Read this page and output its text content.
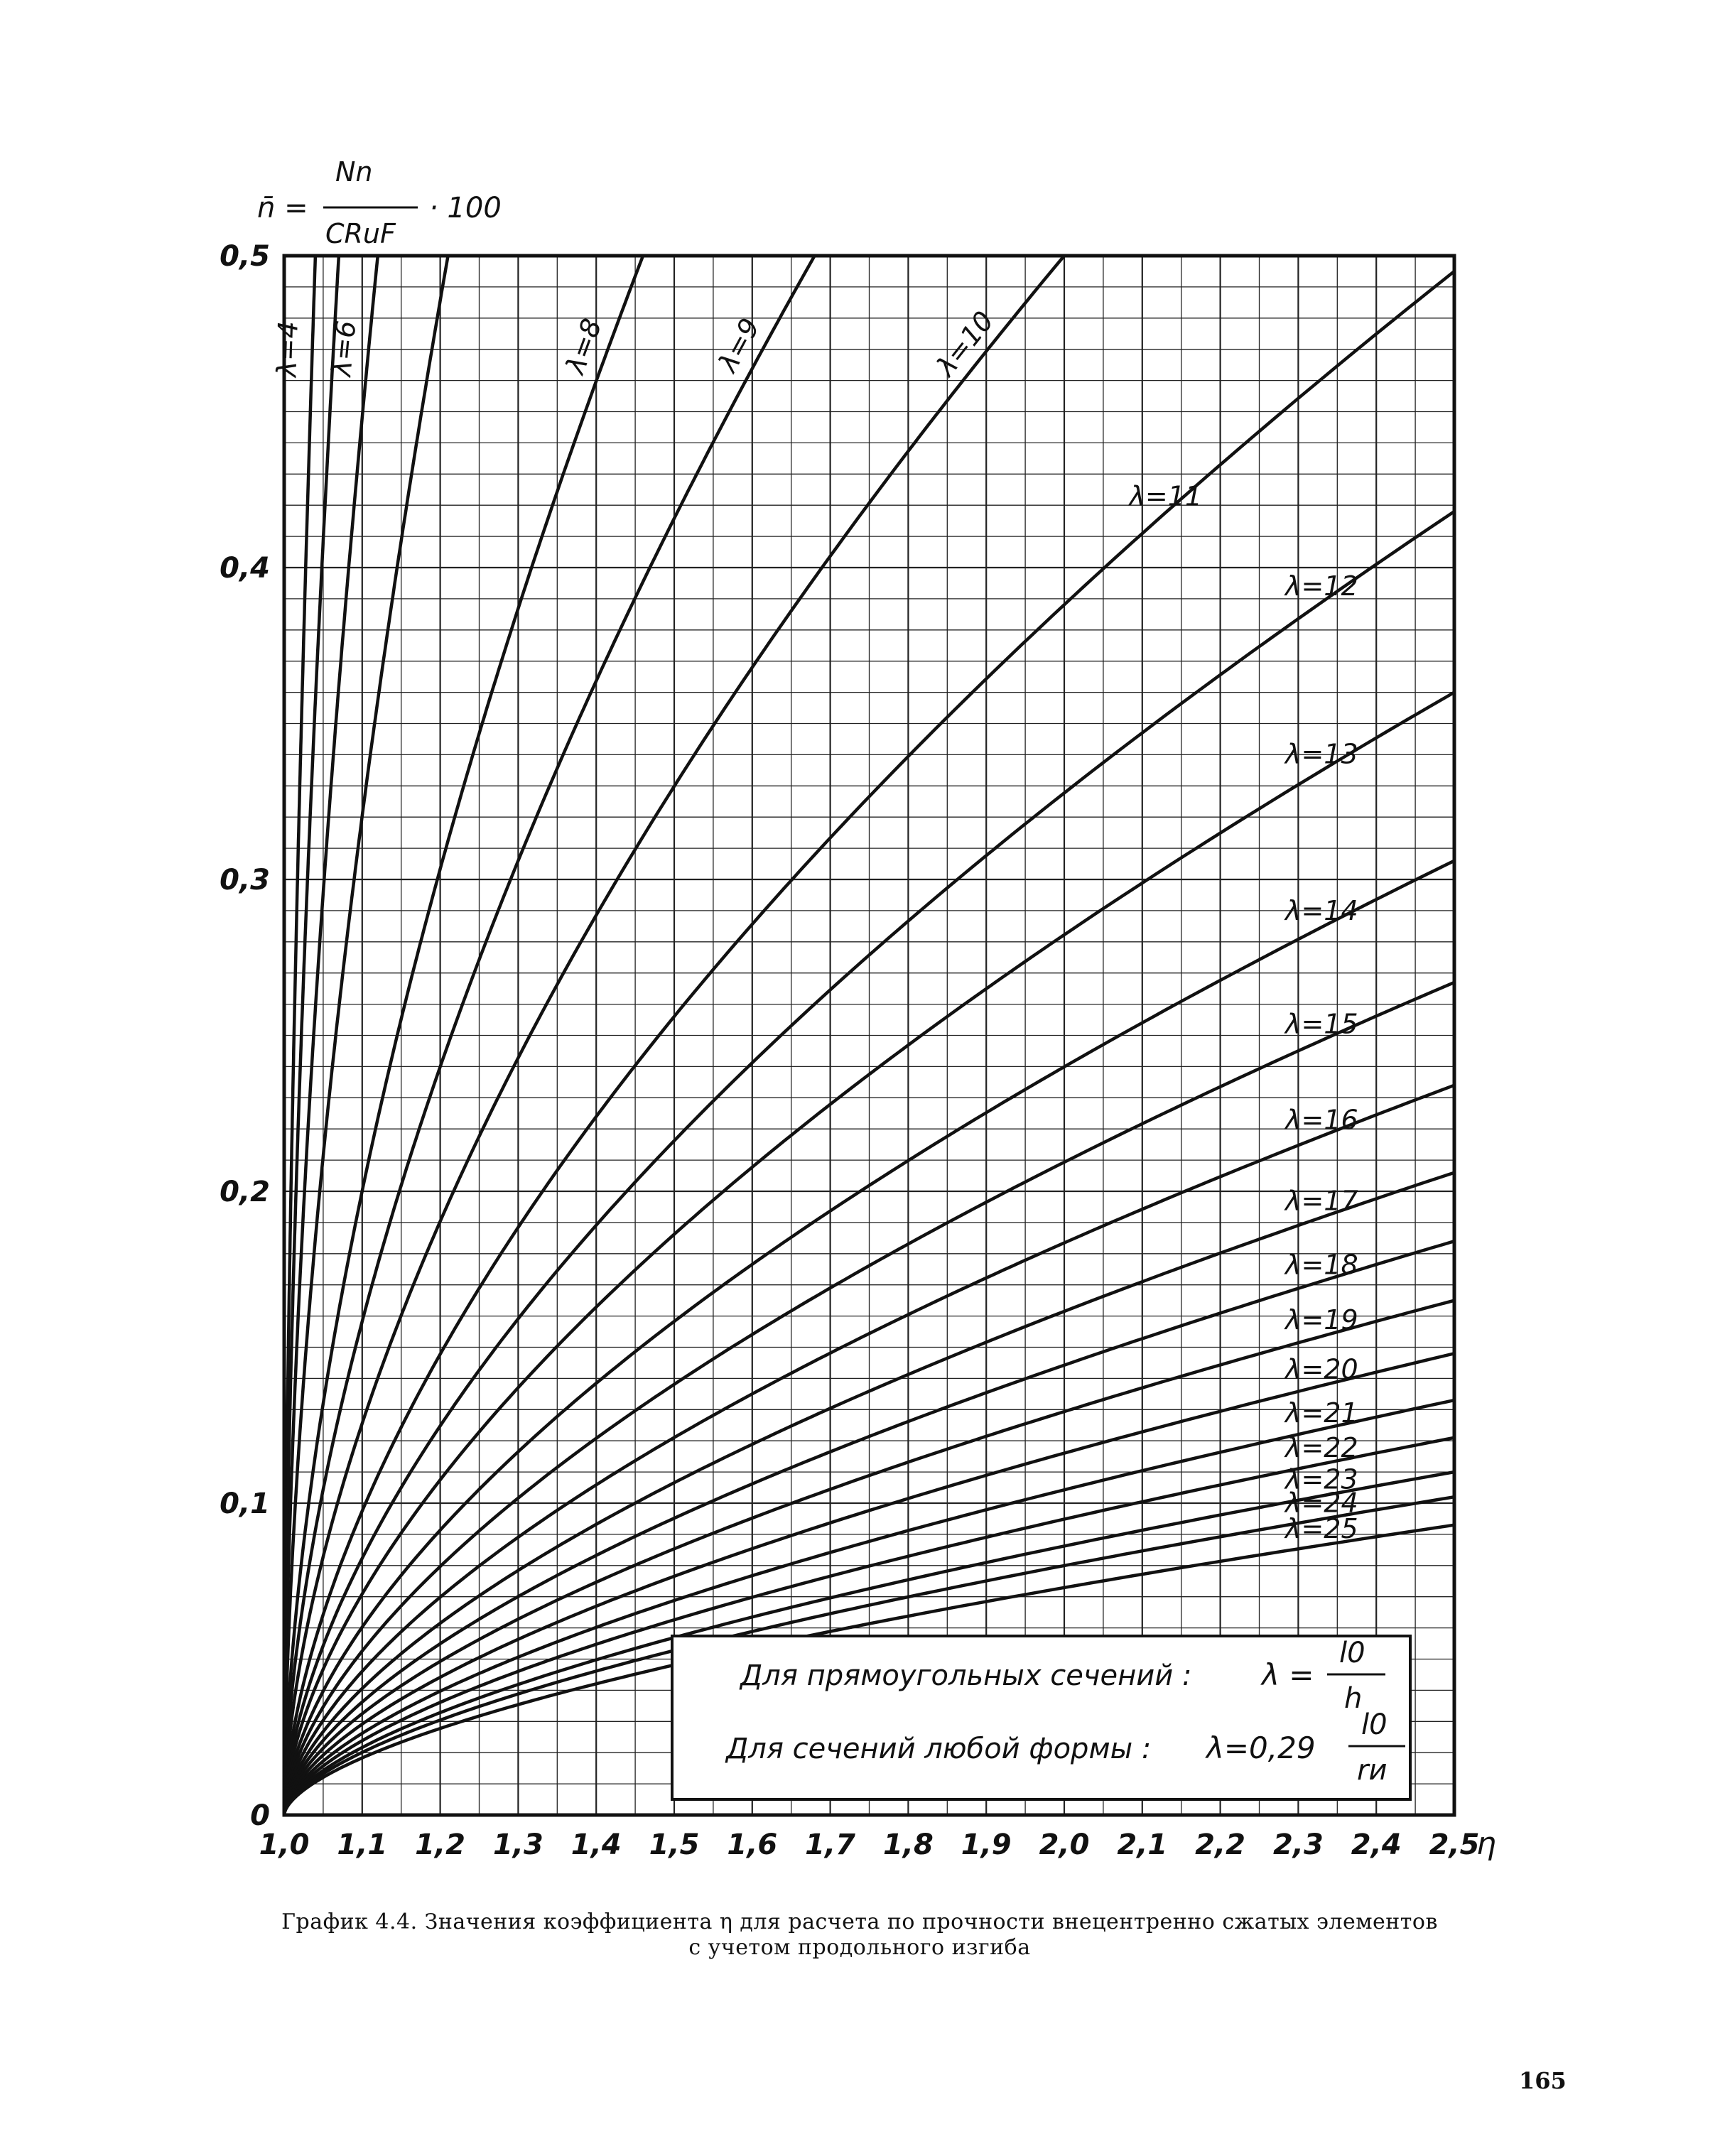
λ=4 λ=6	λ=8	λ=9	λ=10
λ=11
λ=12
λ=13
λ=14
λ=15
λ=16
λ=17
λ=18
λ=19
λ=20
λ=21
λ=22
λ=23
λ=24
λ=25
1,0 1,1 1,2 1,3 1,4 1,5 1,6 1,7 1,8 1,9 2,0 2,1 2,2 2,3 2,4 2,5
0
0,1
0,2
0,3
0,4
0,5
n̄ =
Nn
CRuF
· 100
η
Для прямоугольных сечений : λ =
l0
h
Для сечений любой формы : λ=0,29
l0
rи
График 4.4. Значения коэффициента η для расчета по прочности внецентренно сжатых элементов
с учетом продольного изгиба
165
